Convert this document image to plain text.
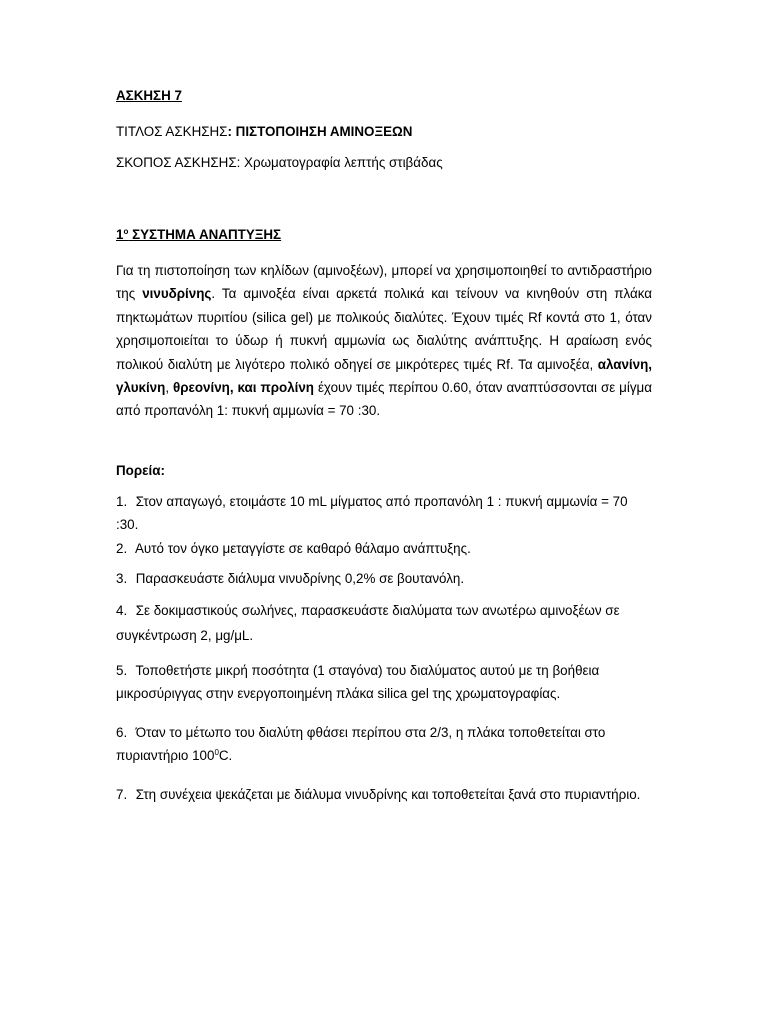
ΑΣΚΗΣΗ 7
ΤΙΤΛΟΣ ΑΣΚΗΣΗΣ: ΠΙΣΤΟΠΟΙΗΣΗ ΑΜΙΝΟΞΕΩΝ
ΣΚΟΠΟΣ ΑΣΚΗΣΗΣ: Χρωματογραφία λεπτής στιβάδας
$1^o$ ΣΥΣΤΗΜΑ ΑΝΑΠΤΥΞΗΣ
Για τη πιστοποίηση των κηλίδων (αμινοξέων), μπορεί να χρησιμοποιηθεί το αντιδραστήριο της νινυδρίνης. Τα αμινοξέα είναι αρκετά πολικά και τείνουν να κινηθούν στη πλάκα πηκτωμάτων πυριτίου (silica gel) με πολικούς διαλύτες. Έχουν τιμές Rf κοντά στο 1, όταν χρησιμοποιείται το ύδωρ ή πυκνή αμμωνία ως διαλύτης ανάπτυξης. Η αραίωση ενός πολικού διαλύτη με λιγότερο πολικό οδηγεί σε μικρότερες τιμές Rf. Τα αμινοξέα, αλανίνη, γλυκίνη, θρεονίνη, και προλίνη έχουν τιμές περίπου 0.60, όταν αναπτύσσονται σε μίγμα από προπανόλη 1: πυκνή αμμωνία = 70 :30.
Πορεία:
1. Στον απαγωγό, ετοιμάστε 10 mL μίγματος από προπανόλη 1 : πυκνή αμμωνία = 70 :30.
2. Αυτό τον όγκο μεταγγίστε σε καθαρό θάλαμο ανάπτυξης.
3. Παρασκευάστε διάλυμα νινυδρίνης 0,2% σε βουτανόλη.
4. Σε δοκιμαστικούς σωλήνες, παρασκευάστε διαλύματα των ανωτέρω αμινοξέων σε συγκέντρωση 2, μg/μL.
5. Τοποθετήστε μικρή ποσότητα (1 σταγόνα) του διαλύματος αυτού με τη βοήθεια μικροσύριγγας στην ενεργοποιημένη πλάκα silica gel της χρωματογραφίας.
6. Όταν το μέτωπο του διαλύτη φθάσει περίπου στα 2/3, η πλάκα τοποθετείται στο πυριαντήριο $100^0C$.
7. Στη συνέχεια ψεκάζεται με διάλυμα νινυδρίνης και τοποθετείται ξανά στο πυριαντήριο.
